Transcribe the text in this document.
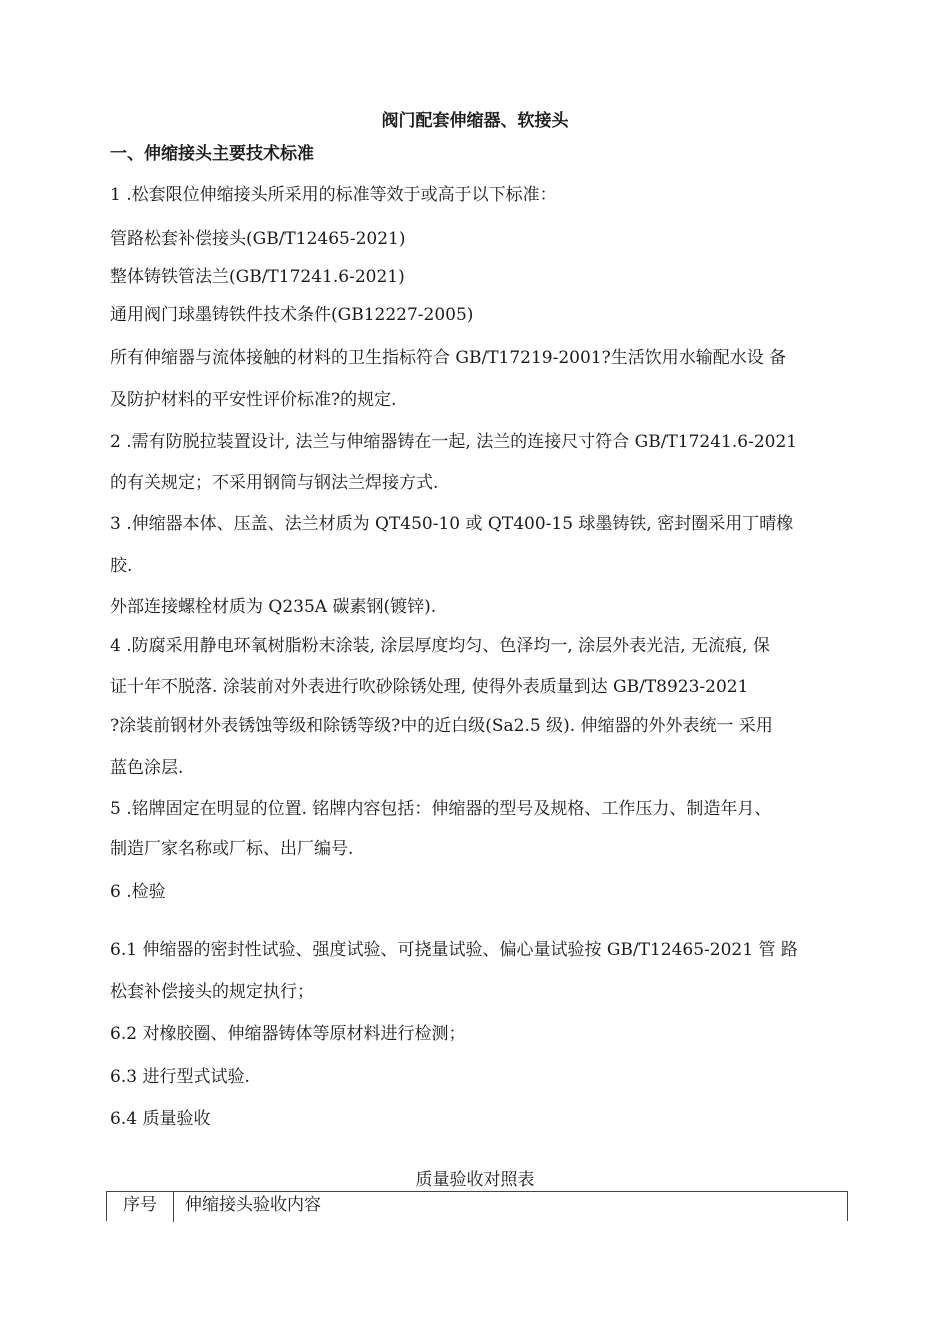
阀门配套伸缩器、软接头
一、伸缩接头主要技术标准
1 .松套限位伸缩接头所采用的标准等效于或高于以下标准：
管路松套补偿接头(GB/T12465-2021)
整体铸铁管法兰(GB/T17241.6-2021)
通用阀门球墨铸铁件技术条件(GB12227-2005)
所有伸缩器与流体接触的材料的卫生指标符合 GB/T17219-2001?生活饮用水输配水设 备
及防护材料的平安性评价标准?的规定.
2 .需有防脱拉装置设计, 法兰与伸缩器铸在一起, 法兰的连接尺寸符合 GB/T17241.6-2021
的有关规定；不采用钢筒与钢法兰焊接方式.
3 .伸缩器本体、压盖、法兰材质为 QT450-10 或 QT400-15 球墨铸铁, 密封圈采用丁晴橡
胶.
外部连接螺栓材质为 Q235A 碳素钢(镀锌).
4 .防腐采用静电环氧树脂粉末涂装, 涂层厚度均匀、色泽均一, 涂层外表光洁, 无流痕, 保
证十年不脱落. 涂装前对外表进行吹砂除锈处理, 使得外表质量到达 GB/T8923-2021
?涂装前钢材外表锈蚀等级和除锈等级?中的近白级(Sa2.5 级). 伸缩器的外外表统一 采用
蓝色涂层.
5 .铭牌固定在明显的位置. 铭牌内容包括：伸缩器的型号及规格、工作压力、制造年月、
制造厂家名称或厂标、出厂编号.
6 .检验
6.1 伸缩器的密封性试验、强度试验、可挠量试验、偏心量试验按 GB/T12465-2021 管 路
松套补偿接头的规定执行；
6.2 对橡胶圈、伸缩器铸体等原材料进行检测；
6.3 进行型式试验.
6.4 质量验收
质量验收对照表
序号	伸缩接头验收内容
